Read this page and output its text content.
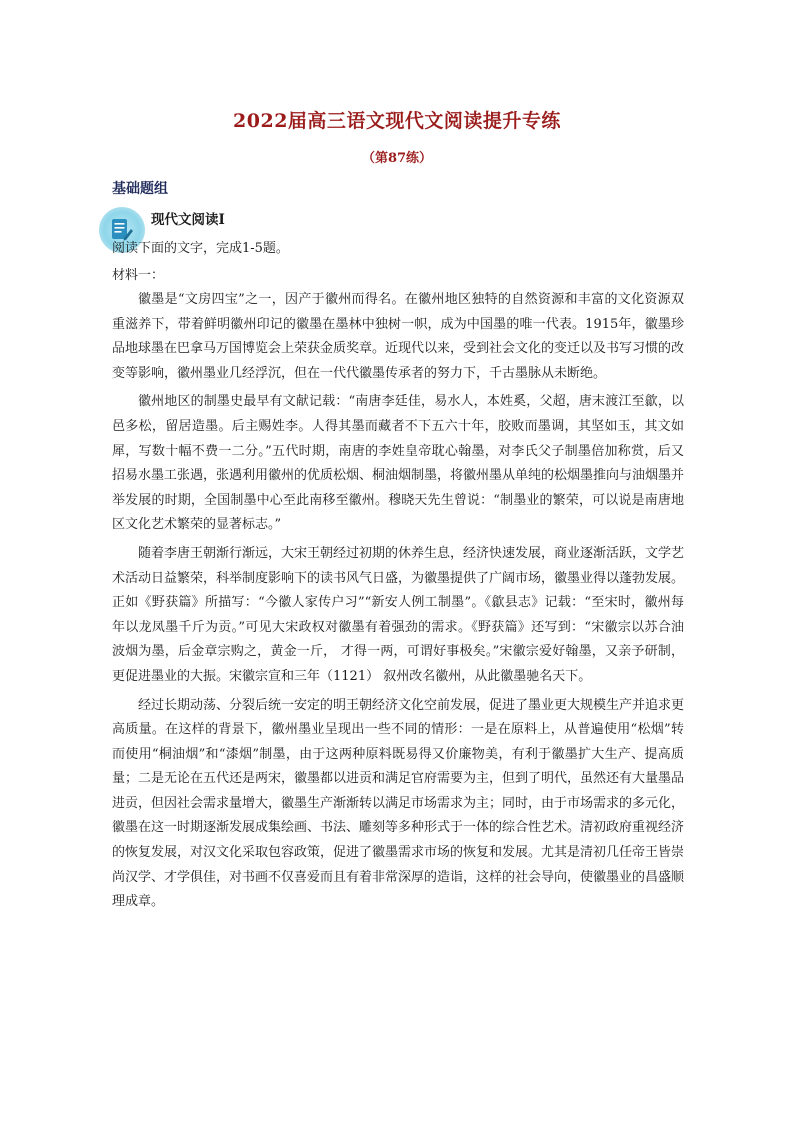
2022届高三语文现代文阅读提升专练
（第87练）
基础题组
现代文阅读Ⅰ
阅读下面的文字，完成1-5题。
材料一：

徽墨是“文房四宝”之一，因产于徽州而得名。在徽州地区独特的自然资源和丰富的文化资源双重滋养下，带着鲜明徽州印记的徽墨在墨林中独树一帜，成为中国墨的唯一代表。1915年，徽墨珍品地球墨在巴拿马万国博览会上荣获金质奖章。近现代以来，受到社会文化的变迁以及书写习惯的改变等影响，徽州墨业几经浮沉，但在一代代徽墨传承者的努力下，千古墨脉从未断绝。

徽州地区的制墨史最早有文献记载：“南唐李廷佳，易水人，本姓奚，父超，唐末渡江至歙，以邑多松，留居造墨。后主赐姓李。人得其墨而藏者不下五六十年，胶败而墨调，其坚如玉，其文如犀，写数十幅不费一二分。”五代时期，南唐的李姓皇帝耽心翰墨，对李氏父子制墨倍加称赏，后又招易水墨工张遇，张遇利用徽州的优质松烟、桐油烟制墨，将徽州墨从单纯的松烟墨推向与油烟墨并举发展的时期，全国制墨中心至此南移至徽州。穆晓天先生曾说：“制墨业的繁荣，可以说是南唐地区文化艺术繁荣的显著标志。”

随着李唐王朝渐行渐远，大宋王朝经过初期的休养生息，经济快速发展，商业逐渐活跃，文学艺术活动日益繁荣，科举制度影响下的读书风气日盛，为徽墨提供了广阔市场，徽墨业得以蓬勃发展。正如《野获篇》所描写：“今徽人家传户习”“新安人例工制墨”。《歙县志》记载：“至宋时，徽州每年以龙凤墨千斤为贡。”可见大宋政权对徽墨有着强劲的需求。《野获篇》还写到：“宋徽宗以苏合油波烟为墨，后金章宗购之，黄金一斤， 才得一两，可谓好事极矣。”宋徽宗爱好翰墨，又亲予研制，更促进墨业的大振。宋徽宗宣和三年（1121） 叙州改名徽州，从此徽墨驰名天下。

经过长期动荡、分裂后统一安定的明王朝经济文化空前发展，促进了墨业更大规模生产并追求更高质量。在这样的背景下，徽州墨业呈现出一些不同的情形：一是在原料上，从普遍使用“松烟”转而使用“桐油烟”和“漆烟”制墨，由于这两种原料既易得又价廉物美，有利于徽墨扩大生产、提高质量；二是无论在五代还是两宋，徽墨都以进贡和满足官府需要为主，但到了明代，虽然还有大量墨品进贡，但因社会需求量增大，徽墨生产渐渐转以满足市场需求为主；同时，由于市场需求的多元化，徽墨在这一时期逐渐发展成集绘画、书法、雕刻等多种形式于一体的综合性艺术。清初政府重视经济的恢复发展，对汉文化采取包容政策，促进了徽墨需求市场的恢复和发展。尤其是清初几任帝王皆崇尚汉学、才学俱佳，对书画不仅喜爱而且有着非常深厚的造诣，这样的社会导向，使徽墨业的昌盛顺理成章。
